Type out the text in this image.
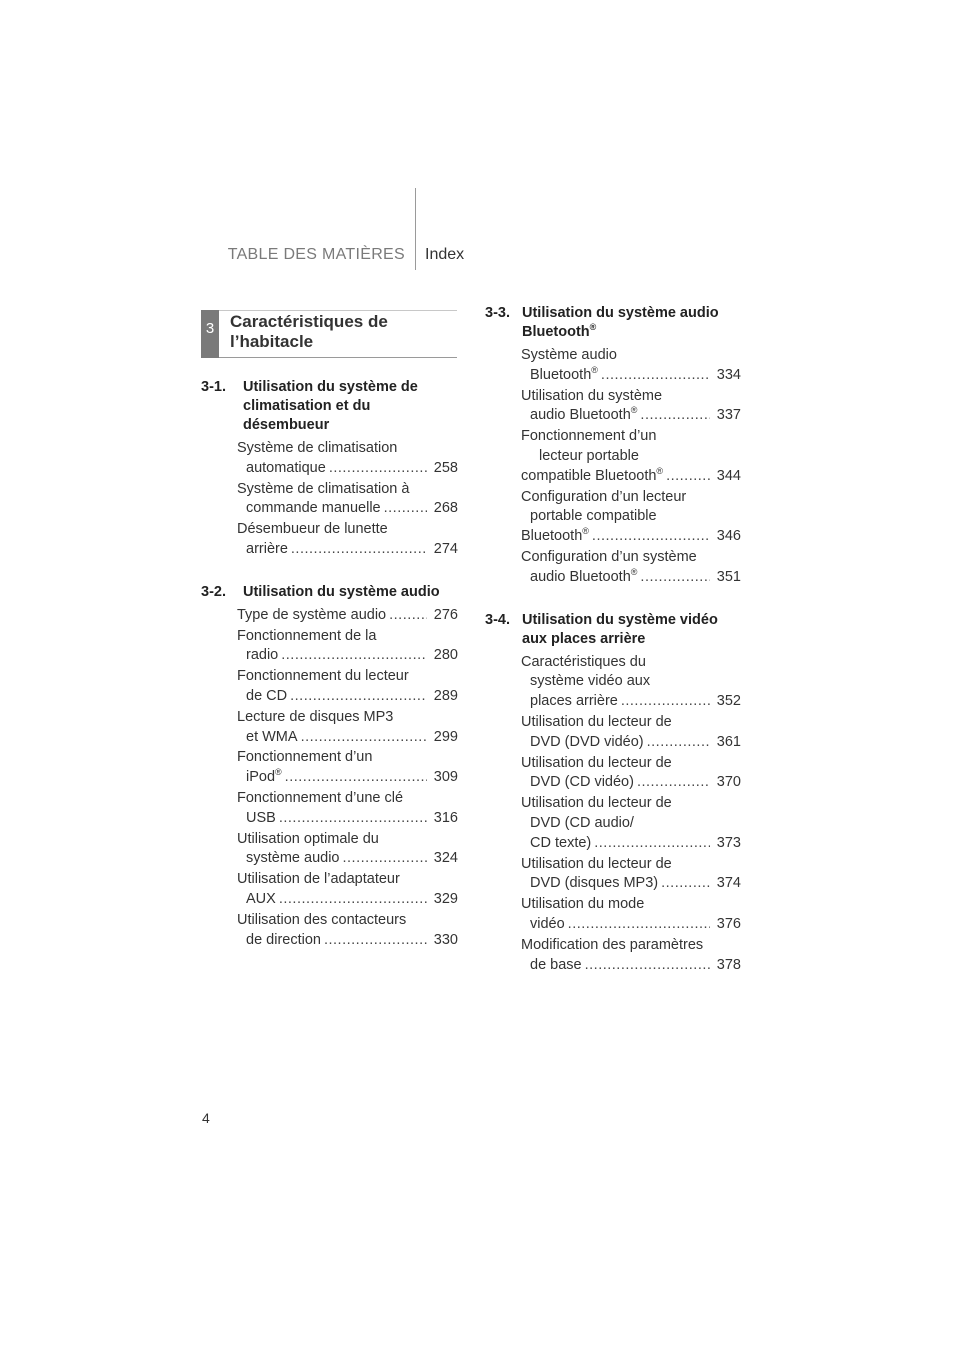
TABLE DES MATIÈRES Index
3 Caractéristiques de
l’habitacle
3-1.	Utilisation du système de
climatisation et du
désembueur
Système de climatisation
automatique .....	258
Système de climatisation à
commande manuelle .....	268
Désembueur de lunette
arrière .....	274
3-2.	Utilisation du système audio
Type de système audio .....	276
Fonctionnement de la
radio .....	280
Fonctionnement du lecteur
de CD .....	289
Lecture de disques MP3
et WMA .....	299
Fonctionnement d’un
iPod® .....	309
Fonctionnement d’une clé
USB .....	316
Utilisation optimale du
système audio .....	324
Utilisation de l’adaptateur
AUX .....	329
Utilisation des contacteurs
de direction .....	330
3-3. Utilisation du système audio
Bluetooth®
Système audio
Bluetooth® .....	334
Utilisation du système
audio Bluetooth® .....	337
Fonctionnement d’un
lecteur portable
compatible Bluetooth® .....	344
Configuration d’un lecteur
portable compatible
Bluetooth® .....	346
Configuration d’un système
audio Bluetooth® .....	351
3-4. Utilisation du système vidéo
aux places arrière
Caractéristiques du
système vidéo aux
places arrière .....	352
Utilisation du lecteur de
DVD (DVD vidéo) .....	361
Utilisation du lecteur de
DVD (CD vidéo) .....	370
Utilisation du lecteur de
DVD (CD audio/
CD texte) .....	373
Utilisation du lecteur de
DVD (disques MP3) .....	374
Utilisation du mode
vidéo .....	376
Modification des paramètres
de base .....	378
4
